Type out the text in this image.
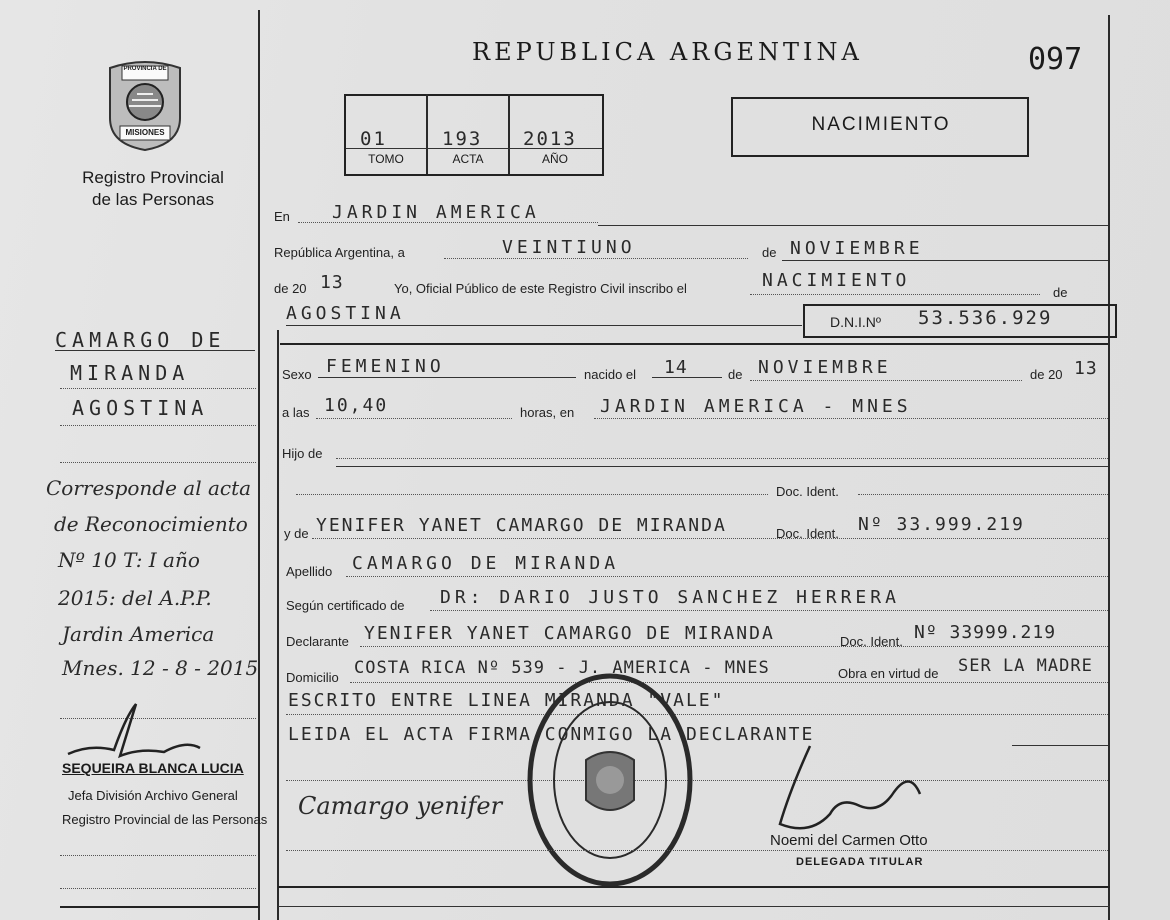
REPUBLICA ARGENTINA	097
01	193 2013
TOMO	ACTA	AÑO
NACIMIENTO
PROVINCIA DE
MISIONES
Registro Provincial
de las Personas
CAMARGO DE
MIRANDA
AGOSTINA
Corresponde al acta
de Reconocimiento
Nº 10 T: I año
2015: del A.P.P.
Jardin America
Mnes. 12 - 8 - 2015
SEQUEIRA BLANCA LUCIA
Jefa División Archivo General
Registro Provincial de las Personas
En JARDIN AMERICA
República Argentina, a	VEINTIUNO	de NOVIEMBRE
de 20 13	Yo, Oficial Público de este Registro Civil inscribo el	NACIMIENTO
de
AGOSTINA	D.N.I.Nº 53.536.929
Sexo FEMENINO	nacido el 14	de NOVIEMBRE	de 20 13
a las 10,40	horas, en JARDIN AMERICA - MNES
Hijo de
Doc. Ident.
y de YENIFER YANET CAMARGO DE MIRANDA	Doc. Ident. Nº 33.999.219
Apellido CAMARGO DE MIRANDA
Según certificado de DR: DARIO JUSTO SANCHEZ HERRERA
Declarante YENIFER YANET CAMARGO DE MIRANDA	Doc. Ident. Nº 33999.219
Domicilio COSTA RICA Nº 539 - J. AMERICA - MNES	Obra en virtud de SER LA MADRE
ESCRITO ENTRE LINEA MIRANDA "VALE"
LEIDA EL ACTA FIRMA CONMIGO LA DECLARANTE
Camargo yenifer
Noemi del Carmen Otto
DELEGADA TITULAR
